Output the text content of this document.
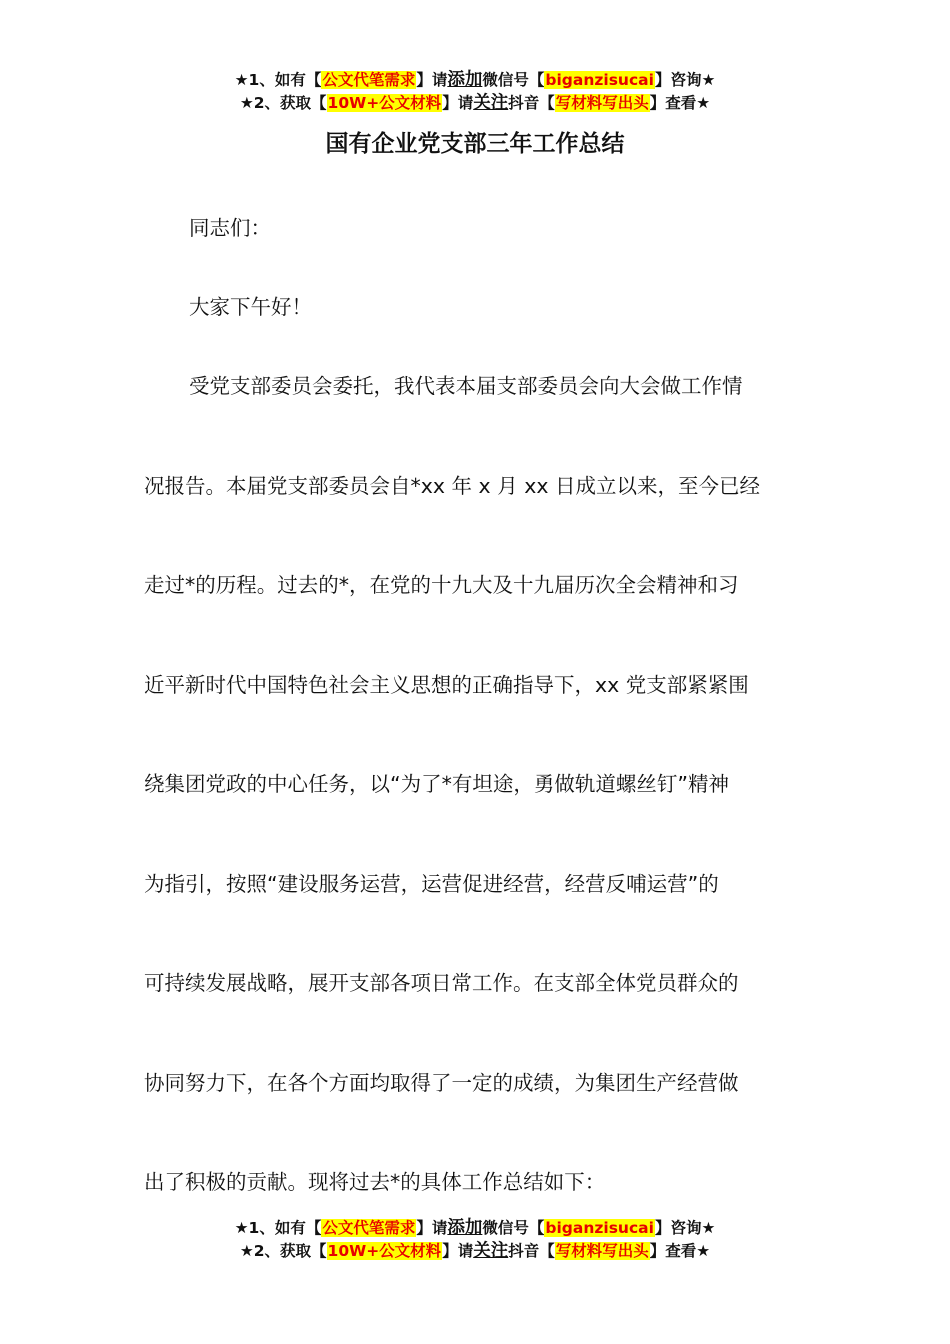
★1、如有【公文代笔需求】请添加微信号【biganzisucai】咨询★
★2、获取【10W+公文材料】请关注抖音【写材料写出头】查看★
国有企业党支部三年工作总结
同志们：
大家下午好！
受党支部委员会委托，我代表本届支部委员会向大会做工作情
况报告。本届党支部委员会自*xx 年 x 月 xx 日成立以来，至今已经
走过*的历程。过去的*，在党的十九大及十九届历次全会精神和习
近平新时代中国特色社会主义思想的正确指导下，xx 党支部紧紧围
绕集团党政的中心任务，以“为了*有坦途，勇做轨道螺丝钉”精神
为指引，按照“建设服务运营，运营促进经营，经营反哺运营”的
可持续发展战略，展开支部各项日常工作。在支部全体党员群众的
协同努力下，在各个方面均取得了一定的成绩，为集团生产经营做
出了积极的贡献。现将过去*的具体工作总结如下：
★1、如有【公文代笔需求】请添加微信号【biganzisucai】咨询★
★2、获取【10W+公文材料】请关注抖音【写材料写出头】查看★
